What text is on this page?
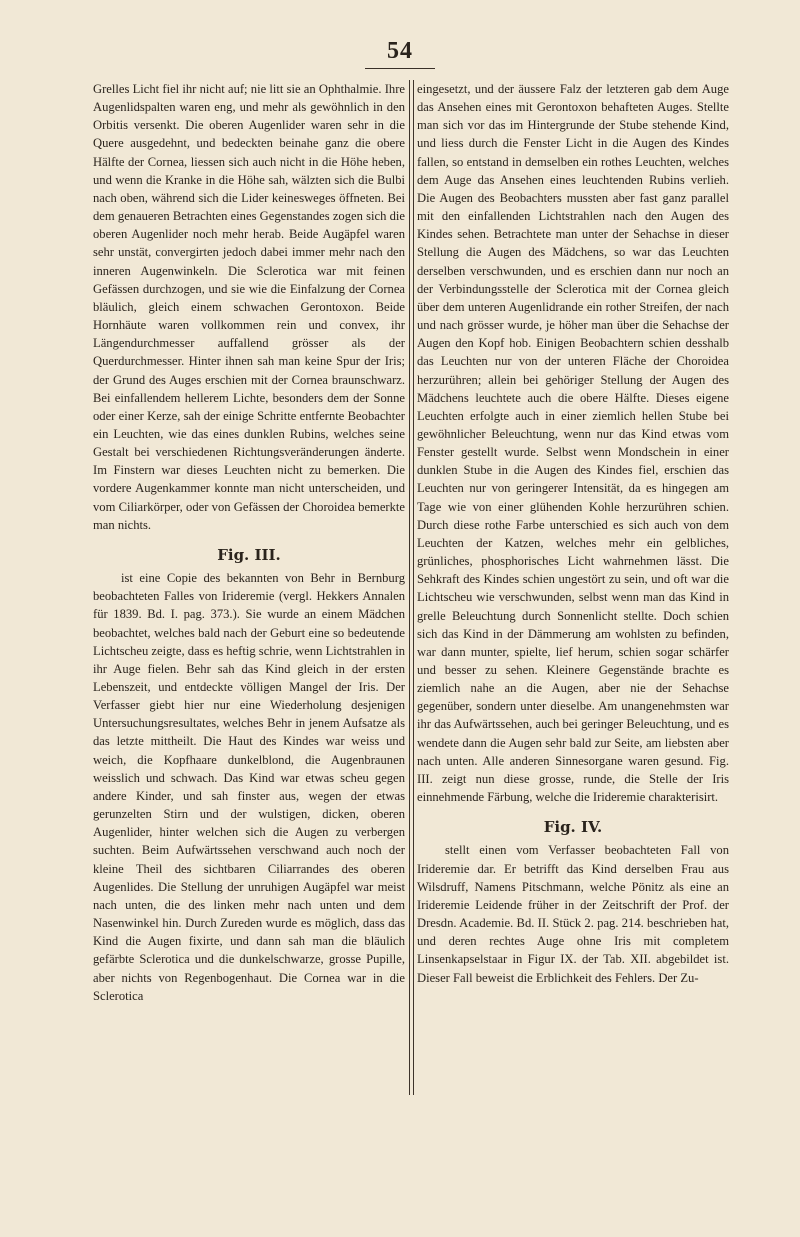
54

Grelles Licht fiel ihr nicht auf; nie litt sie an Ophthalmie. Ihre Augenlidspalten waren eng, und mehr als gewöhnlich in den Orbitis versenkt. Die oberen Augenlider waren sehr in die Quere ausgedehnt, und bedeckten beinahe ganz die obere Hälfte der Cornea, liessen sich auch nicht in die Höhe heben, und wenn die Kranke in die Höhe sah, wälzten sich die Bulbi nach oben, während sich die Lider keinesweges öffneten. Bei dem genaueren Betrachten eines Gegenstandes zogen sich die oberen Augenlider noch mehr herab. Beide Augäpfel waren sehr unstät, convergirten jedoch dabei immer mehr nach den inneren Augenwinkeln. Die Sclerotica war mit feinen Gefässen durchzogen, und sie wie die Einfalzung der Cornea bläulich, gleich einem schwachen Gerontoxon. Beide Hornhäute waren vollkommen rein und convex, ihr Längendurchmesser auffallend grösser als der Querdurchmesser. Hinter ihnen sah man keine Spur der Iris; der Grund des Auges erschien mit der Cornea braunschwarz. Bei einfallendem hellerem Lichte, besonders dem der Sonne oder einer Kerze, sah der einige Schritte entfernte Beobachter ein Leuchten, wie das eines dunklen Rubins, welches seine Gestalt bei verschiedenen Richtungsveränderungen änderte. Im Finstern war dieses Leuchten nicht zu bemerken. Die vordere Augenkammer konnte man nicht unterscheiden, und vom Ciliarkörper, oder von Gefässen der Choroidea bemerkte man nichts.

Fig. III.

ist eine Copie des bekannten von Behr in Bernburg beobachteten Falles von Irideremie (vergl. Hekkers Annalen für 1839. Bd. I. pag. 373.). Sie wurde an einem Mädchen beobachtet, welches bald nach der Geburt eine so bedeutende Lichtscheu zeigte, dass es heftig schrie, wenn Lichtstrahlen in ihr Auge fielen. Behr sah das Kind gleich in der ersten Lebenszeit, und entdeckte völligen Mangel der Iris. Der Verfasser giebt hier nur eine Wiederholung desjenigen Untersuchungsresultates, welches Behr in jenem Aufsatze als das letzte mittheilt. Die Haut des Kindes war weiss und weich, die Kopfhaare dunkelblond, die Augenbraunen weisslich und schwach. Das Kind war etwas scheu gegen andere Kinder, und sah finster aus, wegen der etwas gerunzelten Stirn und der wulstigen, dicken, oberen Augenlider, hinter welchen sich die Augen zu verbergen suchten. Beim Aufwärtssehen verschwand auch noch der kleine Theil des sichtbaren Ciliarrandes des oberen Augenlides. Die Stellung der unruhigen Augäpfel war meist nach unten, die des linken mehr nach unten und dem Nasenwinkel hin. Durch Zureden wurde es möglich, dass das Kind die Augen fixirte, und dann sah man die bläulich gefärbte Sclerotica und die dunkelschwarze, grosse Pupille, aber nichts von Regenbogenhaut. Die Cornea war in die Sclerotica

eingesetzt, und der äussere Falz der letzteren gab dem Auge das Ansehen eines mit Gerontoxon behafteten Auges. Stellte man sich vor das im Hintergrunde der Stube stehende Kind, und liess durch die Fenster Licht in die Augen des Kindes fallen, so entstand in demselben ein rothes Leuchten, welches dem Auge das Ansehen eines leuchtenden Rubins verlieh. Die Augen des Beobachters mussten aber fast ganz parallel mit den einfallenden Lichtstrahlen nach den Augen des Kindes sehen. Betrachtete man unter der Sehachse in dieser Stellung die Augen des Mädchens, so war das Leuchten derselben verschwunden, und es erschien dann nur noch an der Verbindungsstelle der Sclerotica mit der Cornea gleich über dem unteren Augenlidrande ein rother Streifen, der nach und nach grösser wurde, je höher man über die Sehachse der Augen den Kopf hob. Einigen Beobachtern schien desshalb das Leuchten nur von der unteren Fläche der Choroidea herzurühren; allein bei gehöriger Stellung der Augen des Mädchens leuchtete auch die obere Hälfte. Dieses eigene Leuchten erfolgte auch in einer ziemlich hellen Stube bei gewöhnlicher Beleuchtung, wenn nur das Kind etwas vom Fenster gestellt wurde. Selbst wenn Mondschein in einer dunklen Stube in die Augen des Kindes fiel, erschien das Leuchten nur von geringerer Intensität, da es hingegen am Tage wie von einer glühenden Kohle herzurühren schien. Durch diese rothe Farbe unterschied es sich auch von dem Leuchten der Katzen, welches mehr ein gelbliches, grünliches, phosphorisches Licht wahrnehmen lässt. Die Sehkraft des Kindes schien ungestört zu sein, und oft war die Lichtscheu wie verschwunden, selbst wenn man das Kind in grelle Beleuchtung durch Sonnenlicht stellte. Doch schien sich das Kind in der Dämmerung am wohlsten zu befinden, war dann munter, spielte, lief herum, schien sogar schärfer und besser zu sehen. Kleinere Gegenstände brachte es ziemlich nahe an die Augen, aber nie der Sehachse gegenüber, sondern unter dieselbe. Am unangenehmsten war ihr das Aufwärtssehen, auch bei geringer Beleuchtung, und es wendete dann die Augen sehr bald zur Seite, am liebsten aber nach unten. Alle anderen Sinnesorgane waren gesund. Fig. III. zeigt nun diese grosse, runde, die Stelle der Iris einnehmende Färbung, welche die Irideremie charakterisirt.

Fig. IV.

stellt einen vom Verfasser beobachteten Fall von Irideremie dar. Er betrifft das Kind derselben Frau aus Wilsdruff, Namens Pitschmann, welche Pönitz als eine an Irideremie Leidende früher in der Zeitschrift der Prof. der Dresdn. Academie. Bd. II. Stück 2. pag. 214. beschrieben hat, und deren rechtes Auge ohne Iris mit completem Linsenkapselstaar in Figur IX. der Tab. XII. abgebildet ist. Dieser Fall beweist die Erblichkeit des Fehlers. Der Zu-
